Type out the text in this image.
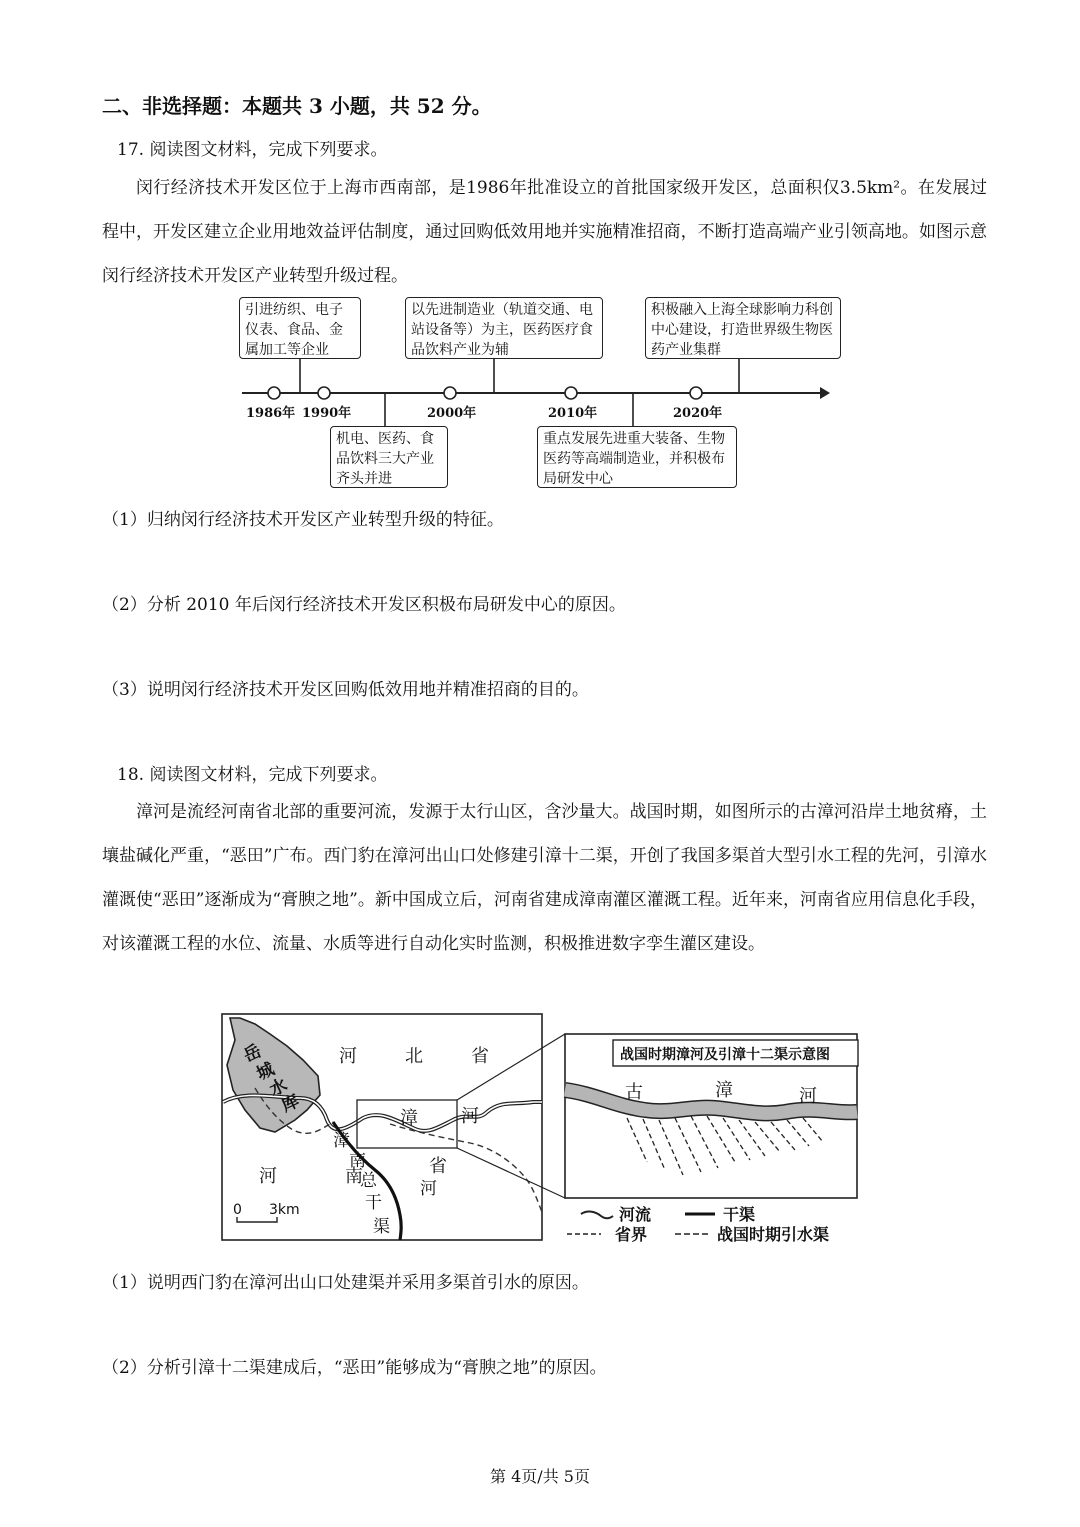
二、非选择题：本题共 3 小题，共 52 分。
17. 阅读图文材料，完成下列要求。
闵行经济技术开发区位于上海市西南部，是1986年批准设立的首批国家级开发区，总面积仅3.5km²。在发展过程中，开发区建立企业用地效益评估制度，通过回购低效用地并实施精准招商，不断打造高端产业引领高地。如图示意闵行经济技术开发区产业转型升级过程。
1986年 1990年	2000年	2010年	2020年
引进纺织、电子仪表、食品、金属加工等企业
以先进制造业（轨道交通、电站设备等）为主，医药医疗食品饮料产业为辅
积极融入上海全球影响力科创中心建设，打造世界级生物医药产业集群
机电、医药、食品饮料三大产业齐头并进
重点发展先进重大装备、生物医药等高端制造业，并积极布局研发中心
（1）归纳闵行经济技术开发区产业转型升级的特征。
（2）分析 2010 年后闵行经济技术开发区积极布局研发中心的原因。
（3）说明闵行经济技术开发区回购低效用地并精准招商的目的。
18. 阅读图文材料，完成下列要求。
漳河是流经河南省北部的重要河流，发源于太行山区，含沙量大。战国时期，如图所示的古漳河沿岸土地贫瘠，土壤盐碱化严重，“恶田”广布。西门豹在漳河出山口处修建引漳十二渠，开创了我国多渠首大型引水工程的先河，引漳水灌溉使“恶田”逐渐成为“膏腴之地”。新中国成立后，河南省建成漳南灌区灌溉工程。近年来，河南省应用信息化手段，对该灌溉工程的水位、流量、水质等进行自动化实时监测，积极推进数字孪生灌区建设。
岳
城
水
库
河	北	省
河	南	省
漳 河
漳
南
总
干
渠
河
0 3km
战国时期漳河及引漳十二渠示意图
古	漳	河
河流	干渠
省界	战国时期引水渠
（1）说明西门豹在漳河出山口处建渠并采用多渠首引水的原因。
（2）分析引漳十二渠建成后，“恶田”能够成为“膏腴之地”的原因。
第 4页/共 5页
